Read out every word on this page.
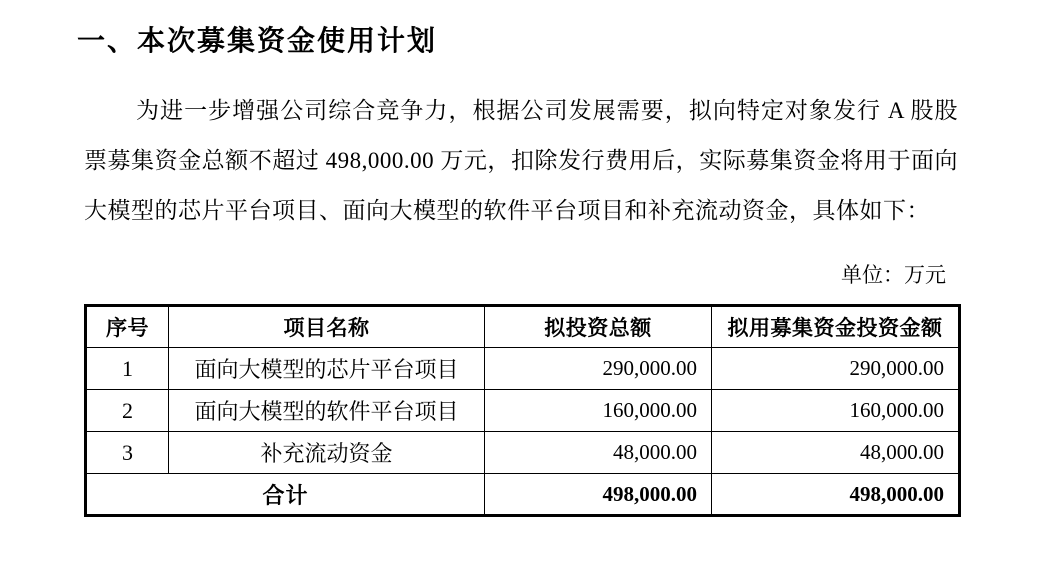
一、本次募集资金使用计划

为进一步增强公司综合竞争力，根据公司发展需要，拟向特定对象发行 A 股股票募集资金总额不超过 498,000.00 万元，扣除发行费用后，实际募集资金将用于面向大模型的芯片平台项目、面向大模型的软件平台项目和补充流动资金，具体如下：

单位：万元
序号	项目名称	拟投资总额	拟用募集资金投资金额
1	面向大模型的芯片平台项目	290,000.00	290,000.00
2	面向大模型的软件平台项目	160,000.00	160,000.00
3	补充流动资金	48,000.00	48,000.00
合计		498,000.00	498,000.00
